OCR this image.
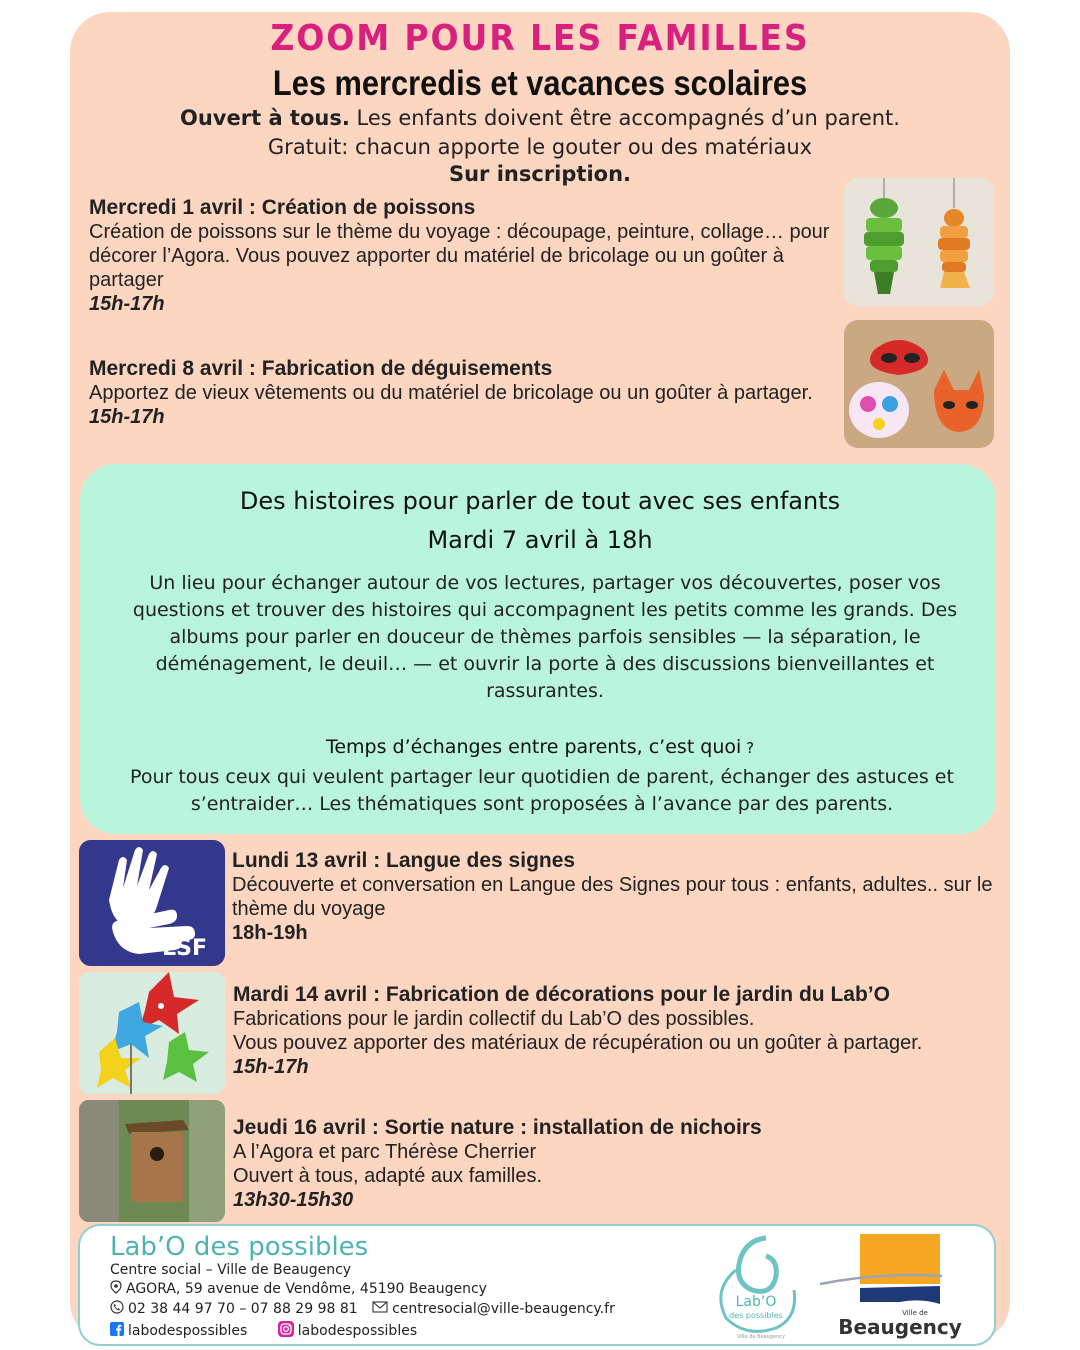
ZOOM POUR LES FAMILLES
Les mercredis et vacances scolaires
Ouvert à tous. Les enfants doivent être accompagnés d’un parent.
Gratuit: chacun apporte le gouter ou des matériaux
Sur inscription.
Mercredi 1 avril : Création de poissons
Création de poissons sur le thème du voyage : découpage, peinture, collage… pour décorer l’Agora. Vous pouvez apporter du matériel de bricolage ou un goûter à partager
15h-17h
Mercredi 8 avril : Fabrication de déguisements
Apportez de vieux vêtements ou du matériel de bricolage ou un goûter à partager.
15h-17h
Des histoires pour parler de tout avec ses enfants
Mardi 7 avril à 18h
Un lieu pour échanger autour de vos lectures, partager vos découvertes, poser vos questions et trouver des histoires qui accompagnent les petits comme les grands. Des albums pour parler en douceur de thèmes parfois sensibles — la séparation, le déménagement, le deuil… — et ouvrir la porte à des discussions bienveillantes et rassurantes.
Temps d’échanges entre parents, c’est quoi ?
Pour tous ceux qui veulent partager leur quotidien de parent, échanger des astuces et s’entraider… Les thématiques sont proposées à l’avance par des parents.
LSF
Lundi 13 avril : Langue des signes
Découverte et conversation en Langue des Signes pour tous : enfants, adultes.. sur le thème du voyage
18h-19h
Mardi 14 avril : Fabrication de décorations pour le jardin du Lab’O
Fabrications pour le jardin collectif du Lab’O des possibles.
Vous pouvez apporter des matériaux de récupération ou un goûter à partager.
15h-17h
Jeudi 16 avril : Sortie nature : installation de nichoirs
A l’Agora et parc Thérèse Cherrier
Ouvert à tous, adapté aux familles.
13h30-15h30
Lab’O des possibles
Centre social – Ville de Beaugency
AGORA, 59 avenue de Vendôme, 45190 Beaugency
02 38 44 97 70 – 07 88 29 98 81 centresocial@ville-beaugency.fr
labodespossibles	labodespossibles
Lab’O
des possibles
Ville de Beaugency
Ville de
Beaugency
